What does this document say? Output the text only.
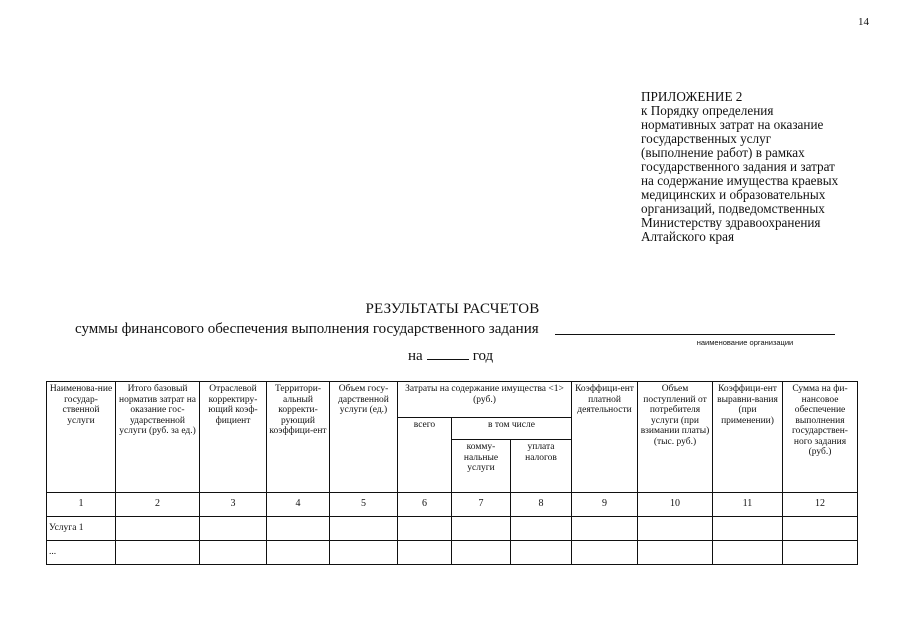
14
ПРИЛОЖЕНИЕ 2
к Порядку определения
нормативных затрат на оказание
государственных услуг
(выполнение работ) в рамках
государственного задания и затрат
на содержание имущества краевых
медицинских и образовательных
организаций, подведомственных
Министерству здравоохранения
Алтайского края
РЕЗУЛЬТАТЫ РАСЧЕТОВ
суммы финансового обеспечения выполнения государственного задания
наименование организации
на	год
Наименова-ние государ-ственной услуги	Итого базовый норматив затрат на оказание гос-ударственной услуги (руб. за ед.)	Отраслевой корректиру-ющий коэф-фициент	Территори-альный корректи-рующий коэффици-ент	Объем госу-дарственной услуги (ед.)	Затраты на содержание имущества <1> (руб.)			Коэффици-ент платной деятельности	Объем поступлений от потребителя услуги (при взимании платы) (тыс. руб.)	Коэффици-ент выравни-вания (при применении)	Сумма на фи-нансовое обеспечение выполнения государствен-ного задания (руб.)
					всего	в том числе					
						комму-нальные услуги	уплата налогов				
1	2	3	4	5	6	7	8	9	10	11	12
Услуга 1											
...											
